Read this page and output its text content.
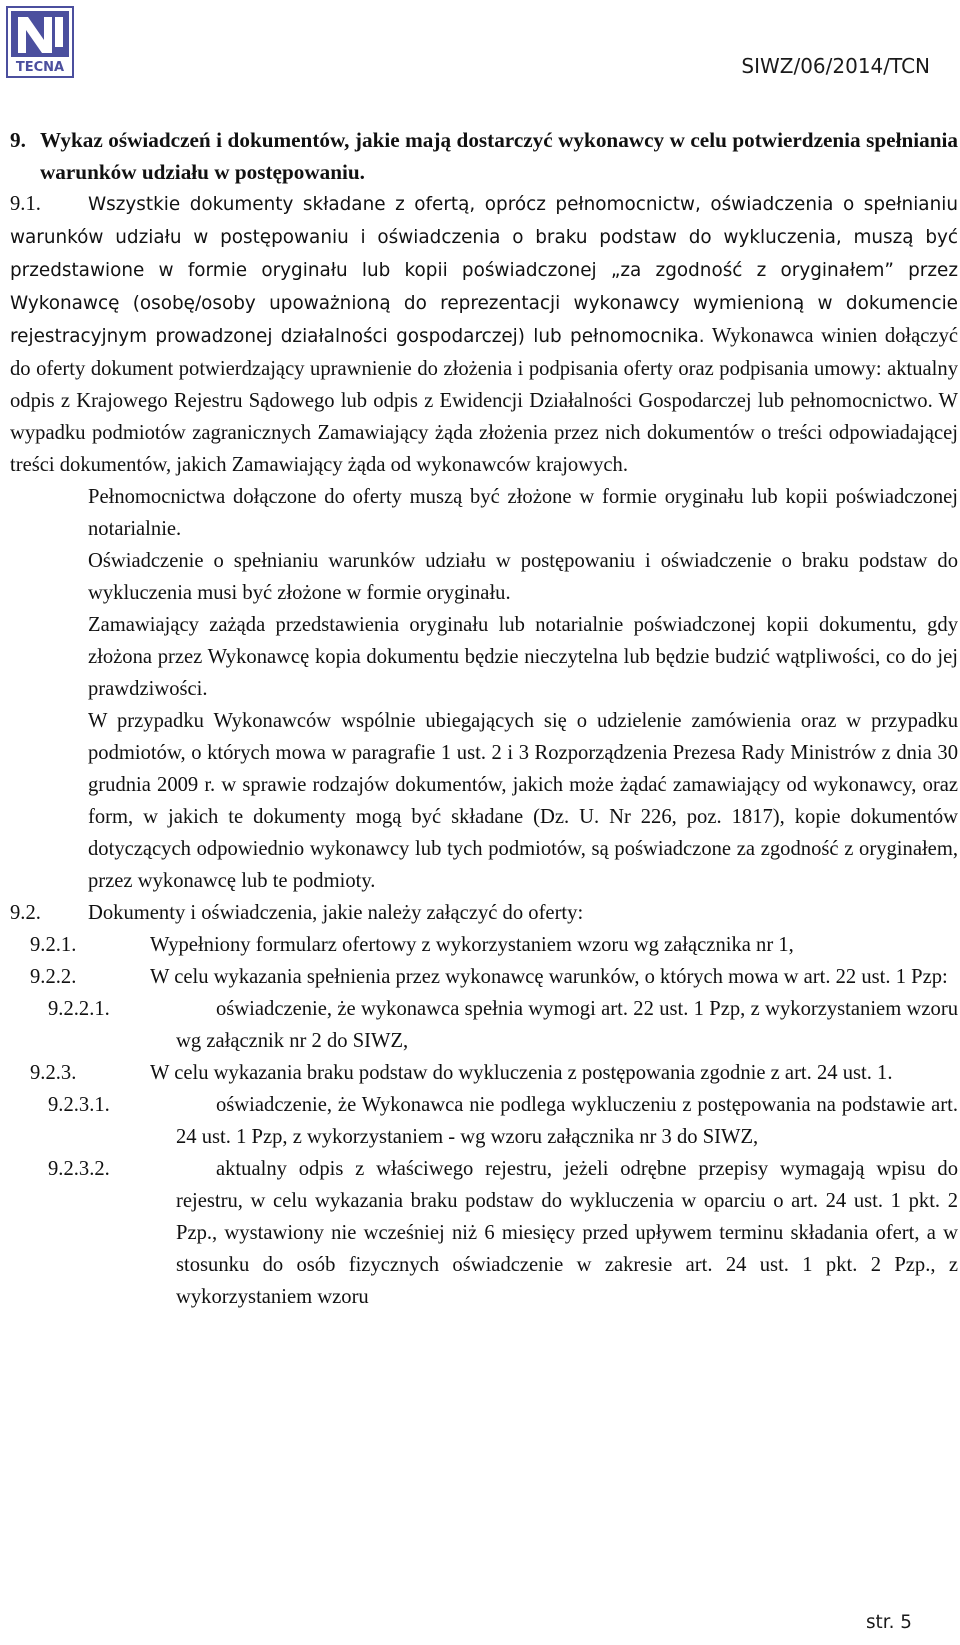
TECNA	SIWZ/06/2014/TCN
9. Wykaz oświadczeń i dokumentów, jakie mają dostarczyć wykonawcy w celu potwierdzenia spełniania warunków udziału w postępowaniu.

9.1.	Wszystkie dokumenty składane z ofertą, oprócz pełnomocnictw, oświadczenia o spełnianiu warunków udziału w postępowaniu i oświadczenia o braku podstaw do wykluczenia, muszą być przedstawione w formie oryginału lub kopii poświadczonej „za zgodność z oryginałem” przez Wykonawcę (osobę/osoby upoważnioną do reprezentacji wykonawcy wymienioną w dokumencie rejestracyjnym prowadzonej działalności gospodarczej) lub pełnomocnika. Wykonawca winien dołączyć do oferty dokument potwierdzający uprawnienie do złożenia i podpisania oferty oraz podpisania umowy: aktualny odpis z Krajowego Rejestru Sądowego lub odpis z Ewidencji Działalności Gospodarczej lub pełnomocnictwo. W wypadku podmiotów zagranicznych Zamawiający żąda złożenia przez nich dokumentów o treści odpowiadającej treści dokumentów, jakich Zamawiający żąda od wykonawców krajowych.

Pełnomocnictwa dołączone do oferty muszą być złożone w formie oryginału lub kopii poświadczonej notarialnie.

Oświadczenie o spełnianiu warunków udziału w postępowaniu i oświadczenie o braku podstaw do wykluczenia musi być złożone w formie oryginału.

Zamawiający zażąda przedstawienia oryginału lub notarialnie poświadczonej kopii dokumentu, gdy złożona przez Wykonawcę kopia dokumentu będzie nieczytelna lub będzie budzić wątpliwości, co do jej prawdziwości.

W przypadku Wykonawców wspólnie ubiegających się o udzielenie zamówienia oraz w przypadku podmiotów, o których mowa w paragrafie 1 ust. 2 i 3 Rozporządzenia Prezesa Rady Ministrów z dnia 30 grudnia 2009 r. w sprawie rodzajów dokumentów, jakich może żądać zamawiający od wykonawcy, oraz form, w jakich te dokumenty mogą być składane (Dz. U. Nr 226, poz. 1817), kopie dokumentów dotyczących odpowiednio wykonawcy lub tych podmiotów, są poświadczone za zgodność z oryginałem, przez wykonawcę lub te podmioty.

9.2. Dokumenty i oświadczenia, jakie należy załączyć do oferty:

9.2.1.	Wypełniony formularz ofertowy z wykorzystaniem wzoru wg załącznika nr 1,

9.2.2.	W celu wykazania spełnienia przez wykonawcę warunków, o których mowa w art. 22 ust. 1 Pzp:

9.2.2.1.	oświadczenie, że wykonawca spełnia wymogi art. 22 ust. 1 Pzp, z wykorzystaniem wzoru wg załącznik nr 2 do SIWZ,

9.2.3.	W celu wykazania braku podstaw do wykluczenia z postępowania zgodnie z art. 24 ust. 1.

9.2.3.1.	oświadczenie, że Wykonawca nie podlega wykluczeniu z postępowania na podstawie art. 24 ust. 1 Pzp, z wykorzystaniem - wg wzoru załącznika nr 3 do SIWZ,

9.2.3.2.	aktualny odpis z właściwego rejestru, jeżeli odrębne przepisy wymagają wpisu do rejestru, w celu wykazania braku podstaw do wykluczenia w oparciu o art. 24 ust. 1 pkt. 2 Pzp., wystawiony nie wcześniej niż 6 miesięcy przed upływem terminu składania ofert, a w stosunku do osób fizycznych oświadczenie w zakresie art. 24 ust. 1 pkt. 2 Pzp., z wykorzystaniem wzoru

str. 5
